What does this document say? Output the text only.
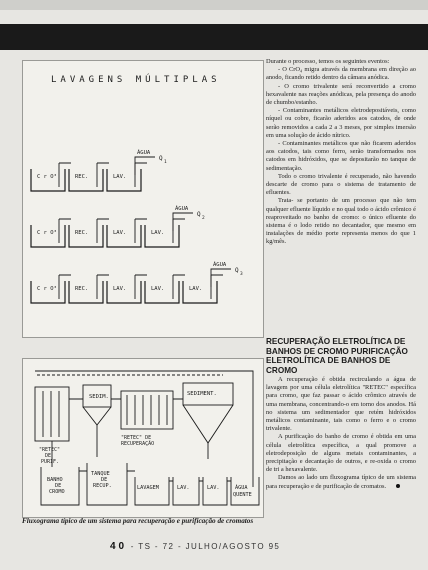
LAVAGENS MÚLTIPLAS
C r O³	REC.	LAV.
ÁGUA
Q
1
C r O³	REC.	LAV.	LAV.
ÁGUA
Q
2
C r O³	REC.	LAV.	LAV.	LAV.
ÁGUA
Q
3
SEDIM.	SEDIMENT.
"RETEC"
DE
PURIF.
"RETEC" DE
RECUPERAÇÃO
BANHO
DE
CROMO
TANQUE
DE
RECUP.	LAVAGEM	LAV.	LAV.	ÁGUA
QUENTE
Fluxograma típico de um sistema para recuperação e purificação de cromatos

Durante o processo, temos os seguintes eventos:

- O CrO₄ migra através da membrana em direção ao anodo, ficando retido dentro da câmara anódica.

- O cromo trivalente será reconvertido a cromo hexavalente nas reações anódicas, pela presença do anodo de chumbo/estanho.

- Contaminantes metálicos eletrodepositáveis, como níquel ou cobre, ficarão aderidos aos catodos, de onde serão removidos a cada 2 a 3 meses, por simples imersão em uma solução de ácido nítrico.

- Contaminantes metálicos que não ficarem aderidos aos catodos, tais como ferro, serão transformados nos catodos em hidróxidos, que se depositarão no tanque de sedimentação.

Todo o cromo trivalente é recuperado, não havendo descarte de cromo para o sistema de tratamento de efluentes.

Trata- se portanto de um processo que não tem qualquer efluente líquido e no qual todo o ácido crômico é reaproveitado no banho de cromo: o único efluente do sistema é o lodo retido no decantador, que mesmo em instalações de médio porte representa menos do que 1 kg/mês.

RECUPERAÇÃO ELETROLÍTICA DE BANHOS DE CROMO PURIFICAÇÃO ELETROLÍTICA DE BANHOS DE CROMO

A recuperação é obtida recirculando a água de lavagem por uma célula eletrolítica "RETEC" específica para cromo, que faz passar o ácido crômico através de uma membrana, concentrando-o em torno dos anodos. Há no sistema um sedimentador que retém hidróxidos metálicos contaminante, tais como o ferro e o cromo trivalente.

A purificação do banho de cromo é obtida em uma célula eletrolítica específica, a qual promove a eletrodeposição de alguns metais contaminantes, a precipitação e decantação de outros, e re-oxida o cromo de tri a hexavalente.

Damos ao lado um fluxograma típico de um sistema para recuperação e de purificação de cromatos.

40 - TS - 72 - JULHO/AGOSTO 95
